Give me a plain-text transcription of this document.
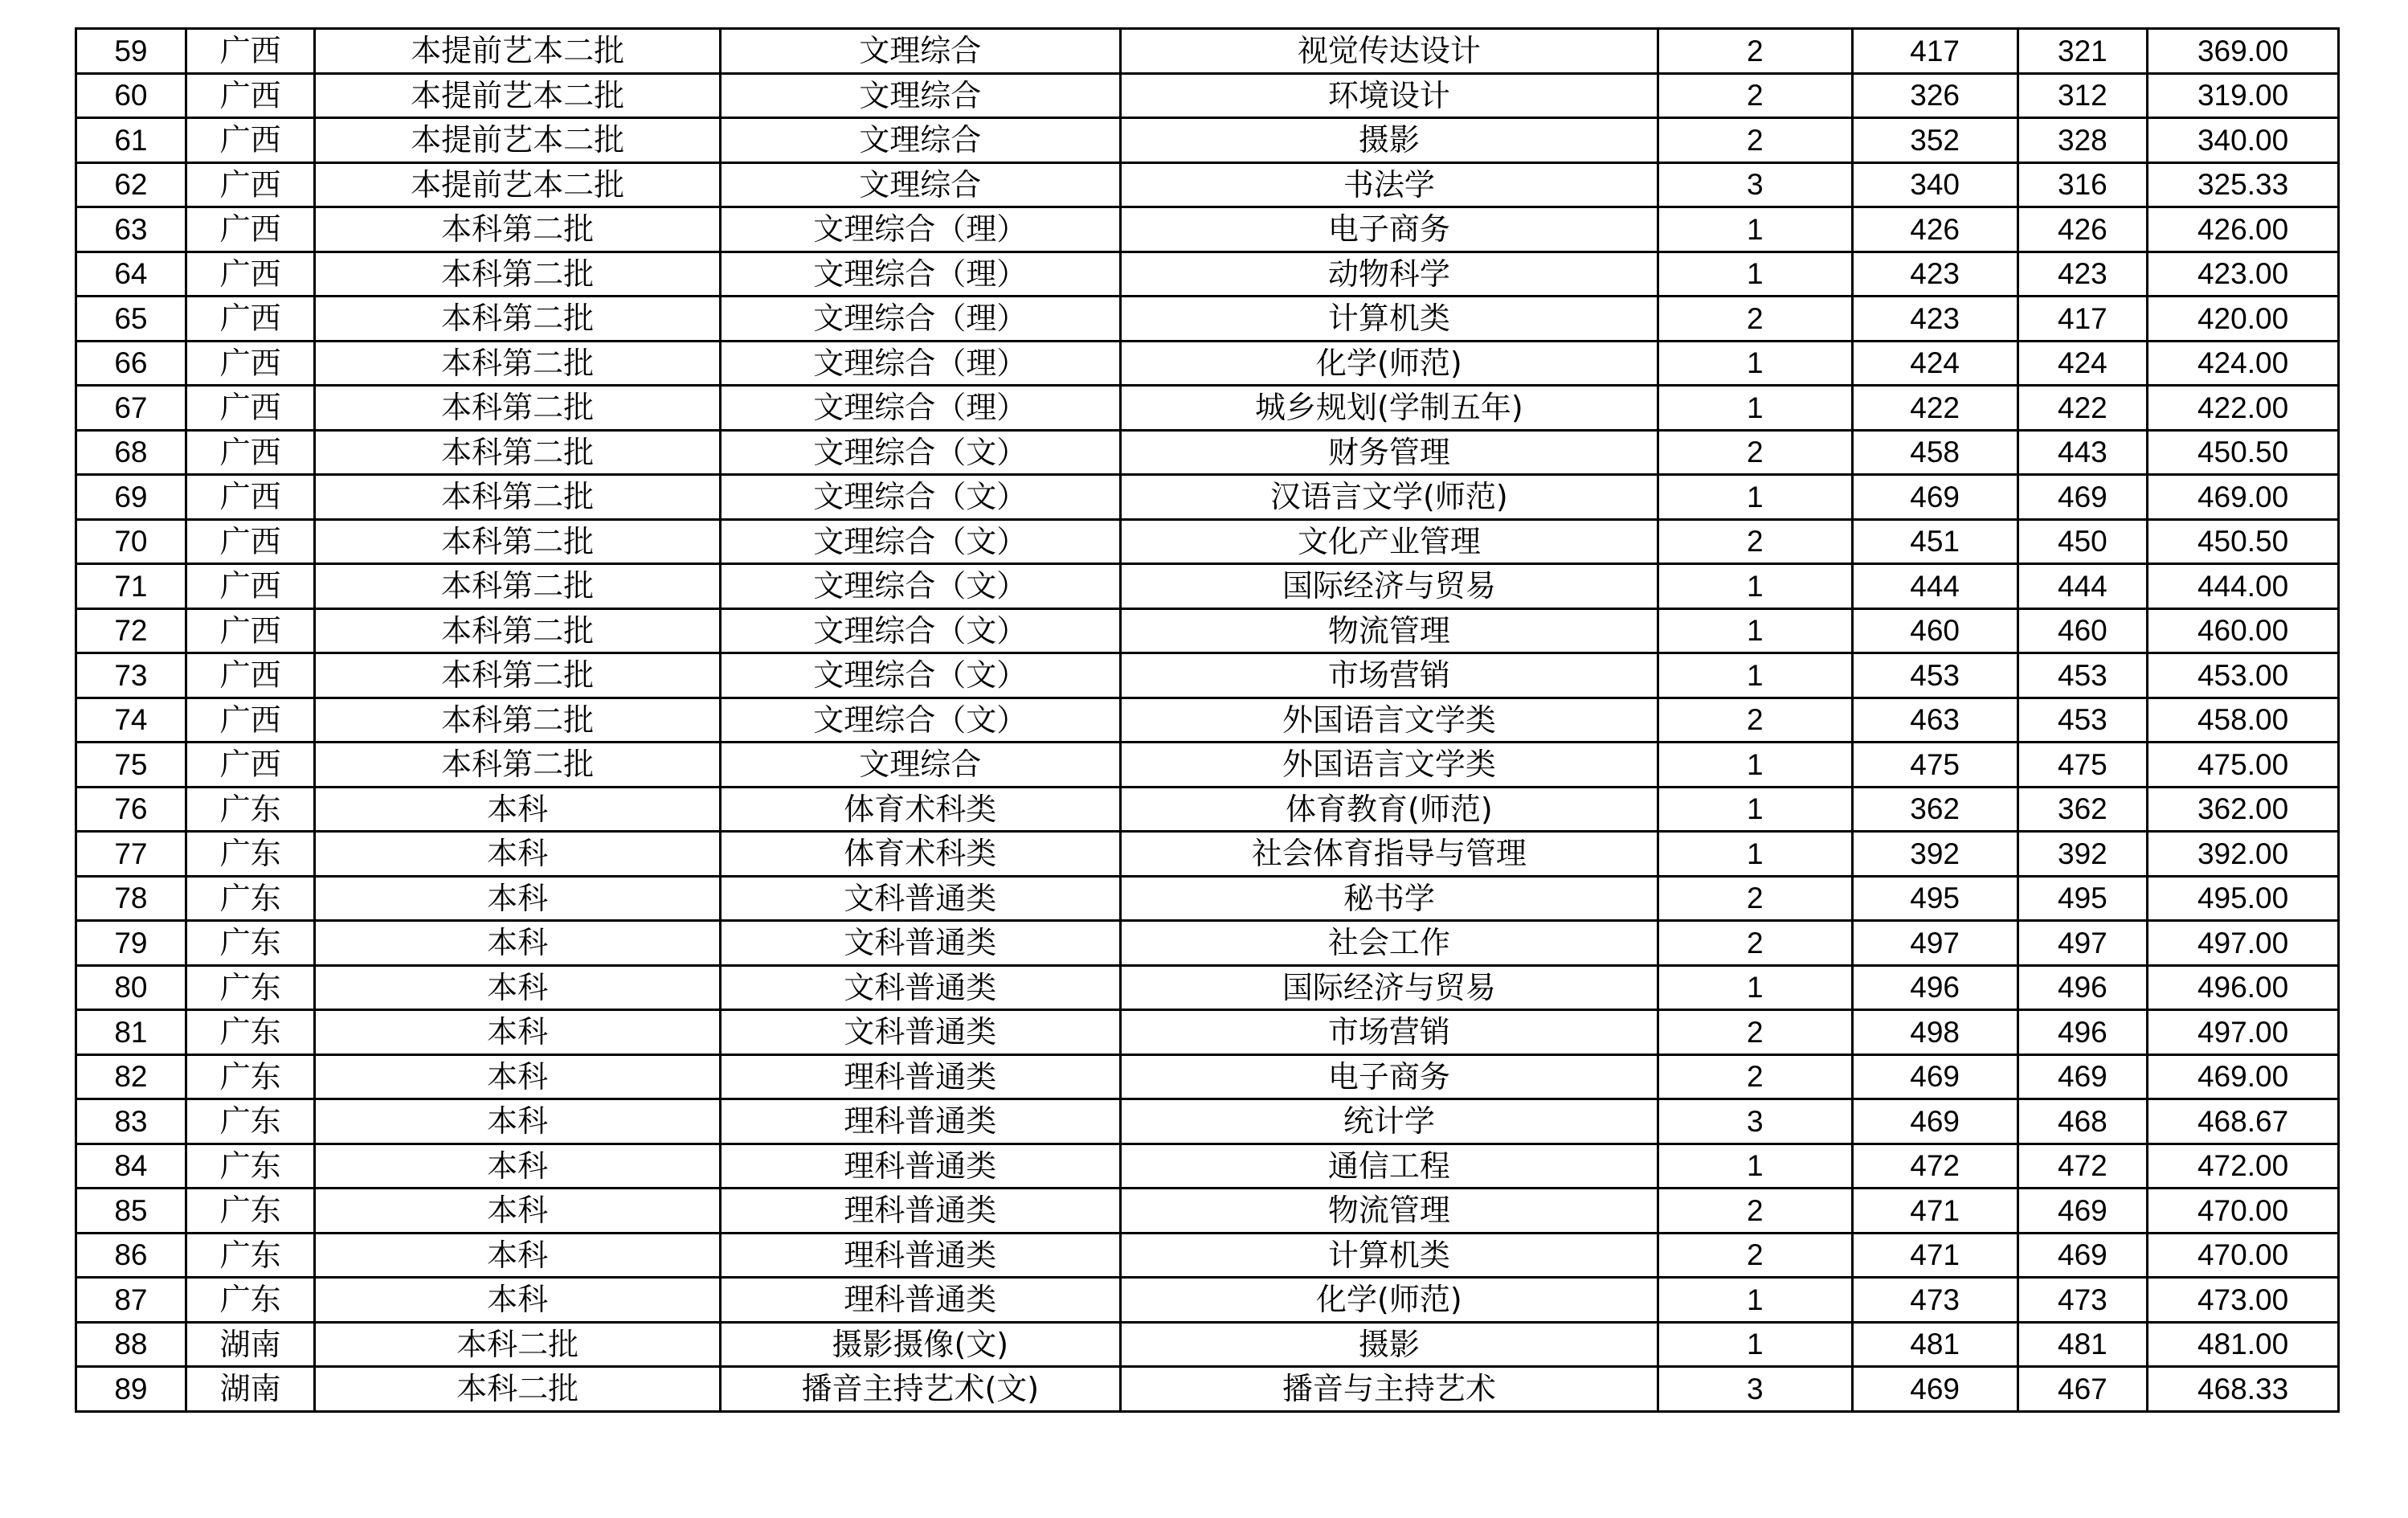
59	广西	本提前艺本二批	文理综合	视觉传达设计	2	417	321	369.00
60	广西	本提前艺本二批	文理综合	环境设计	2	326	312	319.00
61	广西	本提前艺本二批	文理综合	摄影	2	352	328	340.00
62	广西	本提前艺本二批	文理综合	书法学	3	340	316	325.33
63	广西	本科第二批	文理综合（理）	电子商务	1	426	426	426.00
64	广西	本科第二批	文理综合（理）	动物科学	1	423	423	423.00
65	广西	本科第二批	文理综合（理）	计算机类	2	423	417	420.00
66	广西	本科第二批	文理综合（理）	化学(师范)	1	424	424	424.00
67	广西	本科第二批	文理综合（理）	城乡规划(学制五年)	1	422	422	422.00
68	广西	本科第二批	文理综合（文）	财务管理	2	458	443	450.50
69	广西	本科第二批	文理综合（文）	汉语言文学(师范)	1	469	469	469.00
70	广西	本科第二批	文理综合（文）	文化产业管理	2	451	450	450.50
71	广西	本科第二批	文理综合（文）	国际经济与贸易	1	444	444	444.00
72	广西	本科第二批	文理综合（文）	物流管理	1	460	460	460.00
73	广西	本科第二批	文理综合（文）	市场营销	1	453	453	453.00
74	广西	本科第二批	文理综合（文）	外国语言文学类	2	463	453	458.00
75	广西	本科第二批	文理综合	外国语言文学类	1	475	475	475.00
76	广东	本科	体育术科类	体育教育(师范)	1	362	362	362.00
77	广东	本科	体育术科类	社会体育指导与管理	1	392	392	392.00
78	广东	本科	文科普通类	秘书学	2	495	495	495.00
79	广东	本科	文科普通类	社会工作	2	497	497	497.00
80	广东	本科	文科普通类	国际经济与贸易	1	496	496	496.00
81	广东	本科	文科普通类	市场营销	2	498	496	497.00
82	广东	本科	理科普通类	电子商务	2	469	469	469.00
83	广东	本科	理科普通类	统计学	3	469	468	468.67
84	广东	本科	理科普通类	通信工程	1	472	472	472.00
85	广东	本科	理科普通类	物流管理	2	471	469	470.00
86	广东	本科	理科普通类	计算机类	2	471	469	470.00
87	广东	本科	理科普通类	化学(师范)	1	473	473	473.00
88	湖南	本科二批	摄影摄像(文)	摄影	1	481	481	481.00
89	湖南	本科二批	播音主持艺术(文)	播音与主持艺术	3	469	467	468.33
